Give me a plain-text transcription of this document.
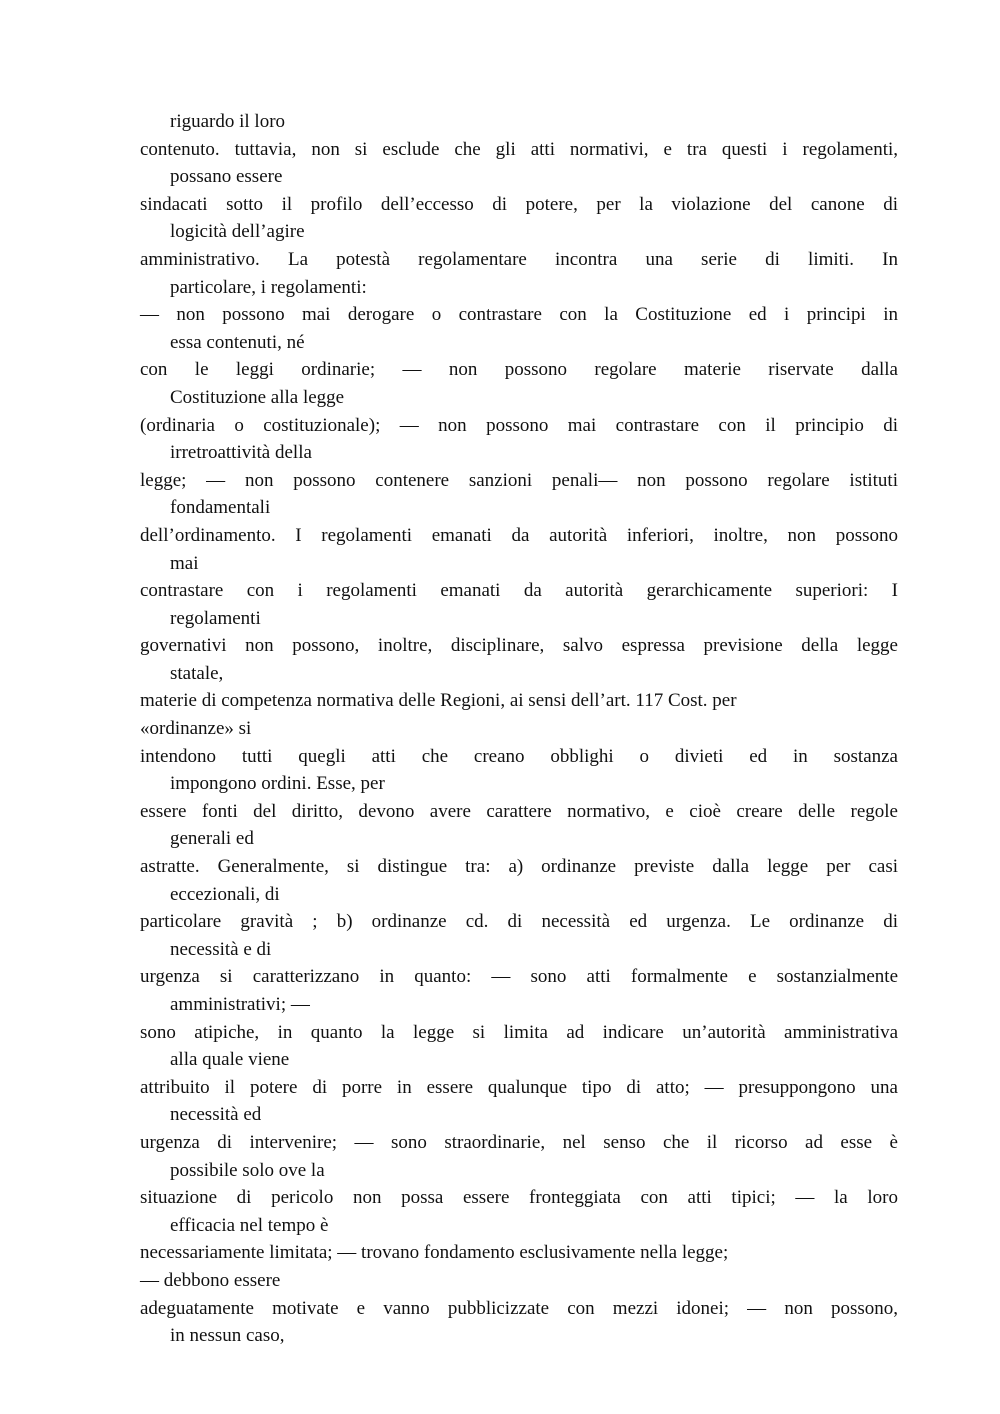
riguardo il loro
contenuto. tuttavia, non si esclude che gli atti normativi, e tra questi i regolamenti,
possano essere
sindacati sotto il profilo dell’eccesso di potere, per la violazione del canone di
logicità dell’agire
amministrativo. La potestà regolamentare incontra una serie di limiti. In
particolare, i regolamenti:
— non possono mai derogare o contrastare con la Costituzione ed i principi in
essa contenuti, né
con le leggi ordinarie; — non possono regolare materie riservate dalla
Costituzione alla legge
(ordinaria o costituzionale); — non possono mai contrastare con il principio di
irretroattività della
legge; — non possono contenere sanzioni penali— non possono regolare istituti
fondamentali
dell’ordinamento. I regolamenti emanati da autorità inferiori, inoltre, non possono
mai
contrastare con i regolamenti emanati da autorità gerarchicamente superiori: I
regolamenti
governativi non possono, inoltre, disciplinare, salvo espressa previsione della legge
statale,
materie di competenza normativa delle Regioni, ai sensi dell’art. 117 Cost. per
«ordinanze» si
intendono tutti quegli atti che creano obblighi o divieti ed in sostanza
impongono ordini. Esse, per
essere fonti del diritto, devono avere carattere normativo, e cioè creare delle regole
generali ed
astratte. Generalmente, si distingue tra: a) ordinanze previste dalla legge per casi
eccezionali, di
particolare gravità ; b) ordinanze cd. di necessità ed urgenza. Le ordinanze di
necessità e di
urgenza si caratterizzano in quanto: — sono atti formalmente e sostanzialmente
amministrativi; —
sono atipiche, in quanto la legge si limita ad indicare un’autorità amministrativa
alla quale viene
attribuito il potere di porre in essere qualunque tipo di atto; — presuppongono una
necessità ed
urgenza di intervenire; — sono straordinarie, nel senso che il ricorso ad esse è
possibile solo ove la
situazione di pericolo non possa essere fronteggiata con atti tipici; — la loro
efficacia nel tempo è
necessariamente limitata; — trovano fondamento esclusivamente nella legge;
— debbono essere
adeguatamente motivate e vanno pubblicizzate con mezzi idonei; — non possono,
in nessun caso,
